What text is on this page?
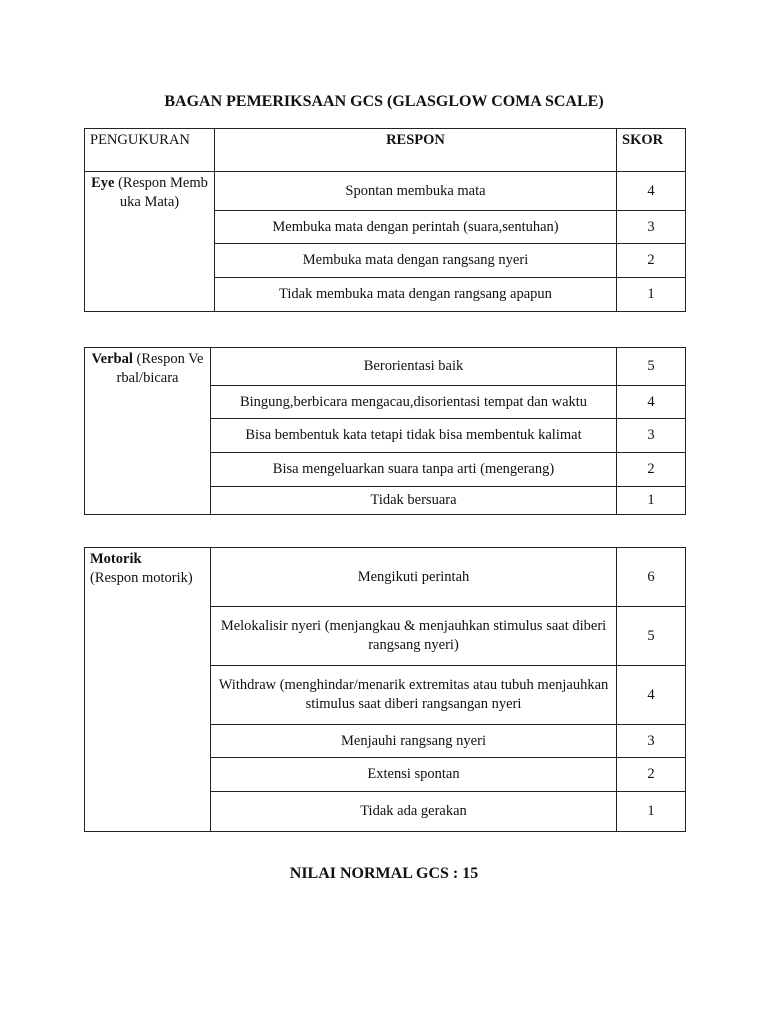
BAGAN PEMERIKSAAN GCS (GLASGLOW COMA SCALE)
PENGUKURAN	RESPON	SKOR
Eye (Respon Membuka Mata)	Spontan membuka mata	4
	Membuka mata dengan perintah (suara,sentuhan)	3
	Membuka mata dengan rangsang nyeri	2
	Tidak membuka mata dengan rangsang apapun	1
Verbal (Respon Verbal/bicara	Berorientasi baik	5
	Bingung,berbicara mengacau,disorientasi tempat dan waktu	4
	Bisa bembentuk kata tetapi tidak bisa membentuk kalimat	3
	Bisa mengeluarkan suara tanpa arti (mengerang)	2
	Tidak bersuara	1
Motorik
(Respon motorik)	Mengikuti perintah	6
	Melokalisir nyeri (menjangkau & menjauhkan stimulus saat diberi rangsang nyeri)	5
	Withdraw (menghindar/menarik extremitas atau tubuh menjauhkan stimulus saat diberi rangsangan nyeri	4
	Menjauhi rangsang nyeri	3
	Extensi spontan	2
	Tidak ada gerakan	1
NILAI NORMAL GCS : 15
